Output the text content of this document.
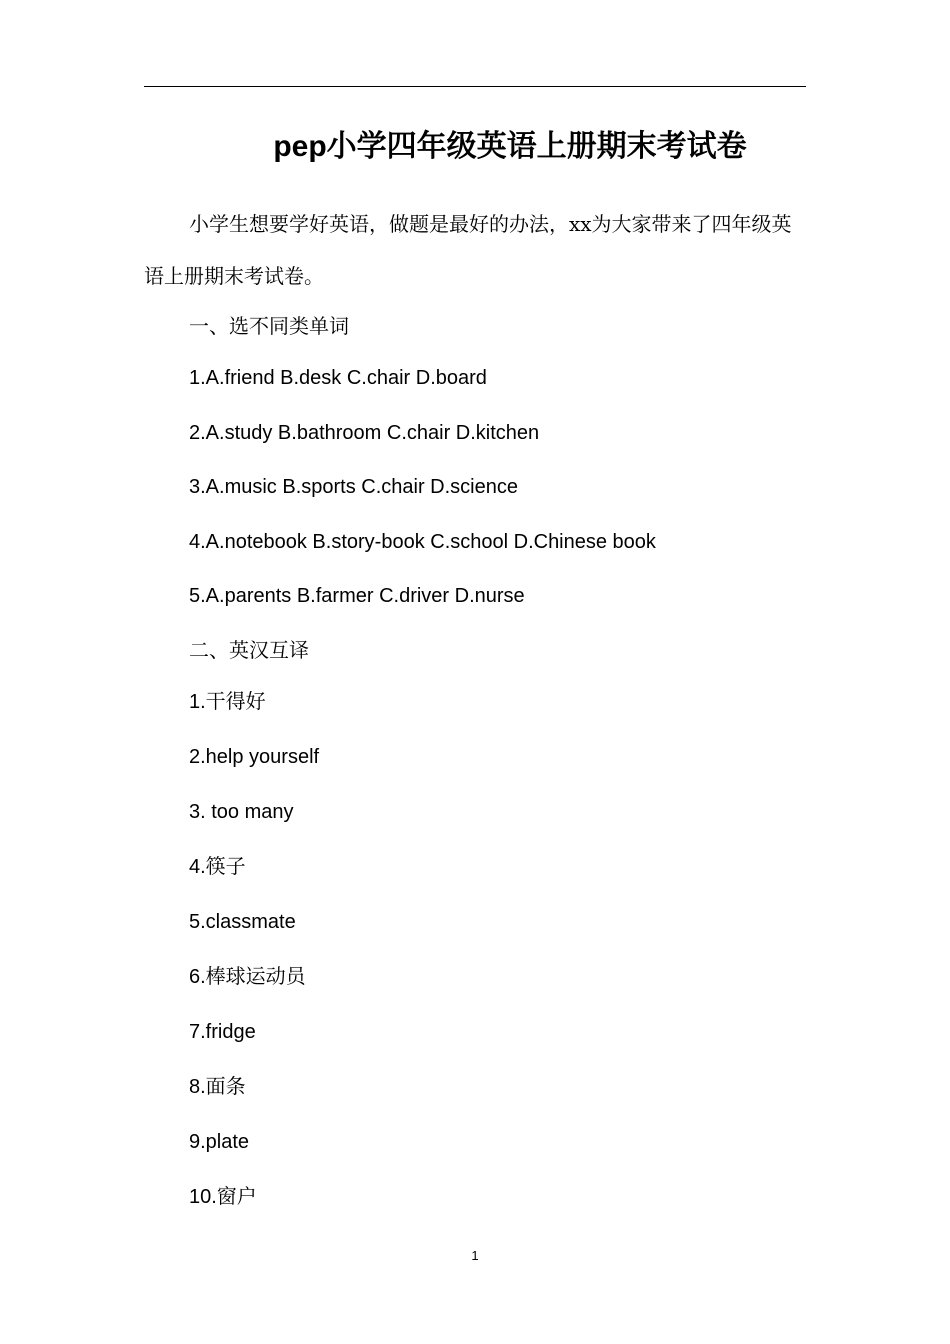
pep小学四年级英语上册期末考试卷
小学生想要学好英语，做题是最好的办法，xx为大家带来了四年级英语上册期末考试卷。
一、选不同类单词
1.A.friend B.desk C.chair D.board
2.A.study B.bathroom C.chair D.kitchen
3.A.music B.sports C.chair D.science
4.A.notebook B.story-book C.school D.Chinese book
5.A.parents B.farmer C.driver D.nurse
二、英汉互译
1.干得好
2.help yourself
3. too many
4.筷子
5.classmate
6.棒球运动员
7.fridge
8.面条
9.plate
10.窗户
1
